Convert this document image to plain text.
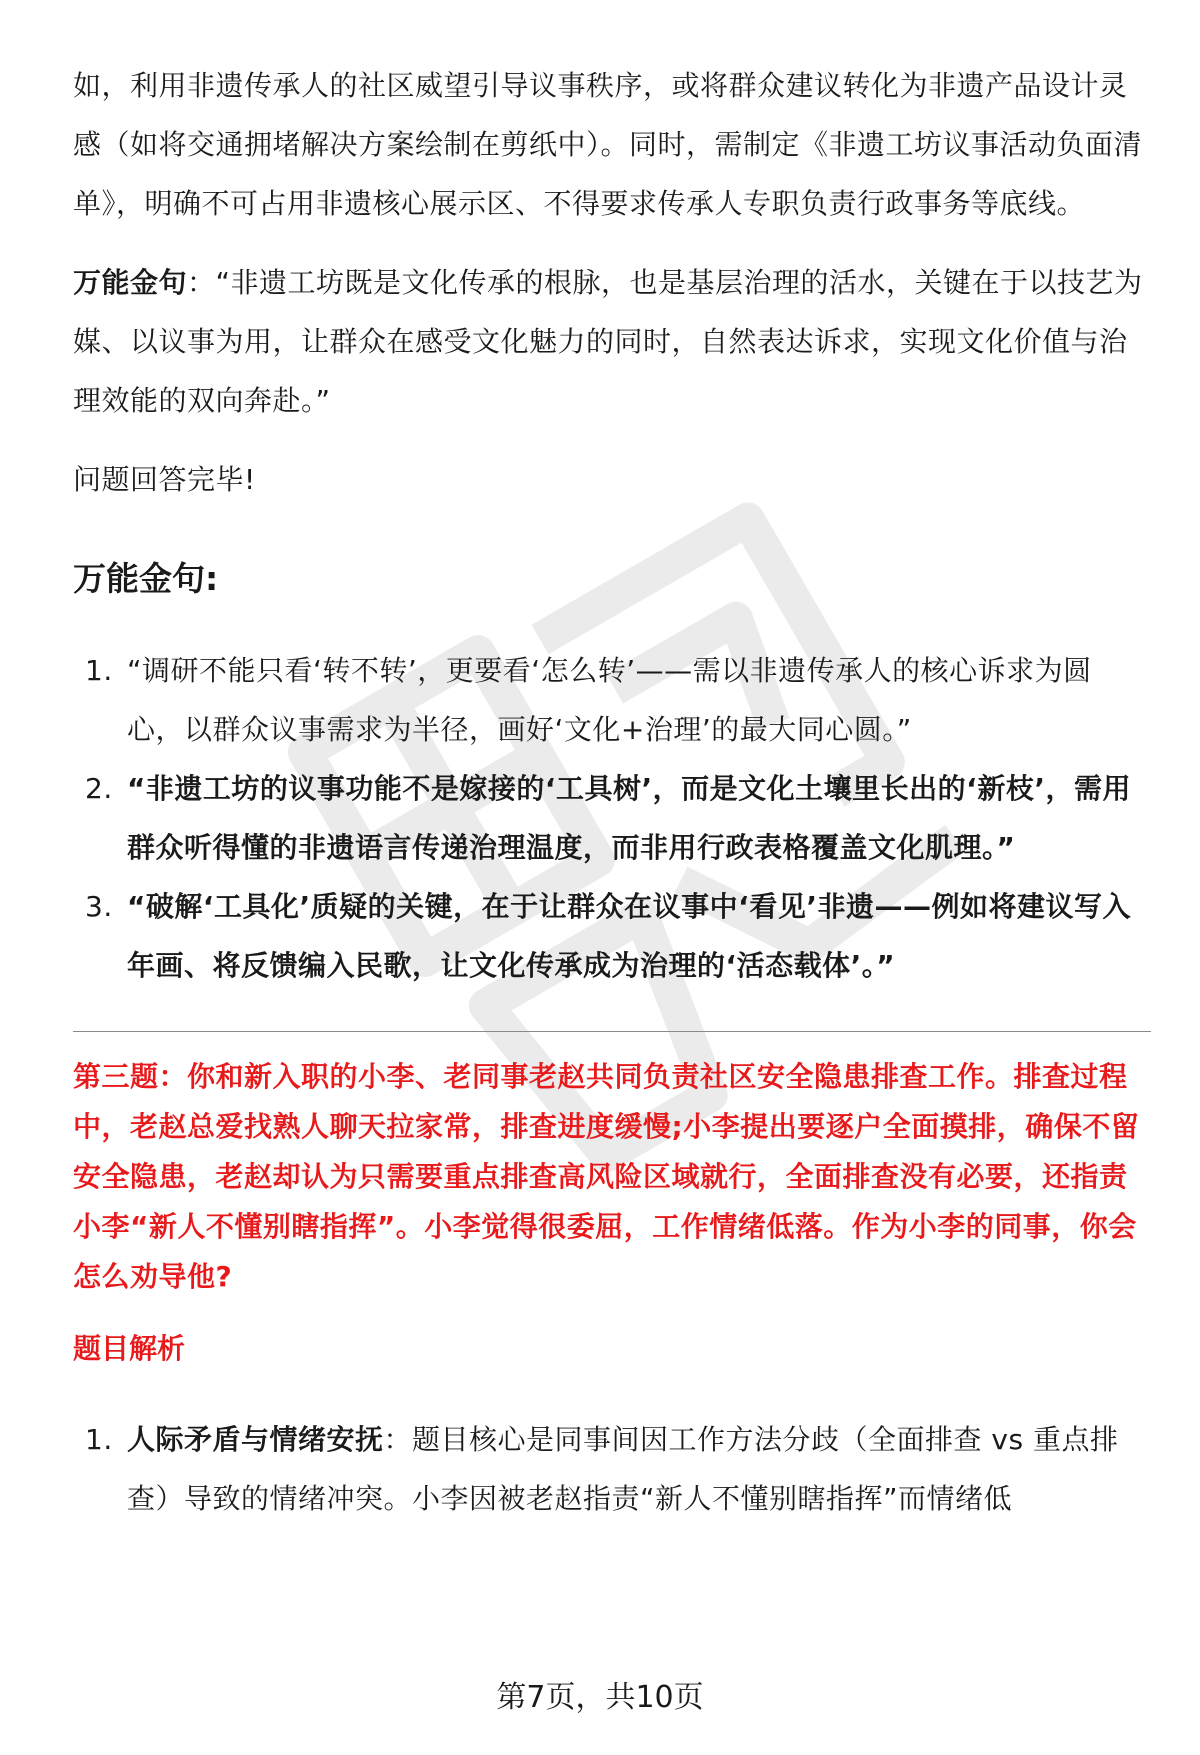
如，利用非遗传承人的社区威望引导议事秩序，或将群众建议转化为非遗产品设计灵感（如将交通拥堵解决方案绘制在剪纸中）。同时，需制定《非遗工坊议事活动负面清单》，明确不可占用非遗核心展示区、不得要求传承人专职负责行政事务等底线。

万能金句：“非遗工坊既是文化传承的根脉，也是基层治理的活水，关键在于以技艺为媒、以议事为用，让群众在感受文化魅力的同时，自然表达诉求，实现文化价值与治理效能的双向奔赴。”

问题回答完毕!

万能金句:
1. “调研不能只看‘转不转’，更要看‘怎么转’——需以非遗传承人的核心诉求为圆心，以群众议事需求为半径，画好‘文化+治理’的最大同心圆。”
2. “非遗工坊的议事功能不是嫁接的‘工具树’，而是文化土壤里长出的‘新枝’，需用群众听得懂的非遗语言传递治理温度，而非用行政表格覆盖文化肌理。”
3. “破解‘工具化’质疑的关键，在于让群众在议事中‘看见’非遗——例如将建议写入年画、将反馈编入民歌，让文化传承成为治理的‘活态载体’。”

第三题：你和新入职的小李、老同事老赵共同负责社区安全隐患排查工作。排查过程中，老赵总爱找熟人聊天拉家常，排查进度缓慢;小李提出要逐户全面摸排，确保不留安全隐患，老赵却认为只需要重点排查高风险区域就行，全面排查没有必要，还指责小李“新人不懂别瞎指挥”。小李觉得很委屈，工作情绪低落。作为小李的同事，你会怎么劝导他?

题目解析
1. 人际矛盾与情绪安抚：题目核心是同事间因工作方法分歧（全面排查 vs 重点排查）导致的情绪冲突。小李因被老赵指责“新人不懂别瞎指挥”而情绪低
第7页，共10页
